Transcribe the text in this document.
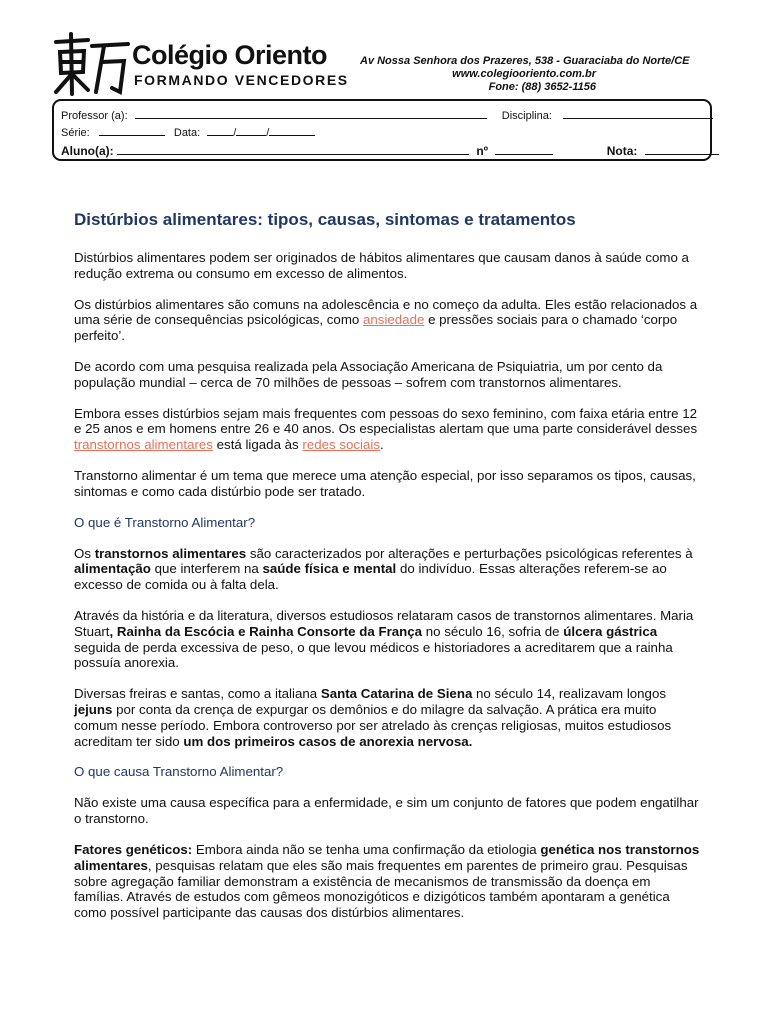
Colégio Oriento
FORMANDO VENCEDORES
Av Nossa Senhora dos Prazeres, 538 - Guaraciaba do Norte/CE
www.colegiooriento.com.br
Fone: (88) 3652-1156
Professor (a):	Disciplina:
Série:	Data:	/	/
Aluno(a):	nº	Nota:
Distúrbios alimentares: tipos, causas, sintomas e tratamentos

Distúrbios alimentares podem ser originados de hábitos alimentares que causam danos à saúde como a redução extrema ou consumo em excesso de alimentos.

Os distúrbios alimentares são comuns na adolescência e no começo da adulta. Eles estão relacionados a uma série de consequências psicológicas, como ansiedade e pressões sociais para o chamado ‘corpo perfeito’.

De acordo com uma pesquisa realizada pela Associação Americana de Psiquiatria, um por cento da população mundial – cerca de 70 milhões de pessoas – sofrem com transtornos alimentares.

Embora esses distúrbios sejam mais frequentes com pessoas do sexo feminino, com faixa etária entre 12 e 25 anos e em homens entre 26 e 40 anos. Os especialistas alertam que uma parte considerável desses transtornos alimentares está ligada às redes sociais.

Transtorno alimentar é um tema que merece uma atenção especial, por isso separamos os tipos, causas, sintomas e como cada distúrbio pode ser tratado.

O que é Transtorno Alimentar?

Os transtornos alimentares são caracterizados por alterações e perturbações psicológicas referentes à alimentação que interferem na saúde física e mental do indivíduo. Essas alterações referem-se ao excesso de comida ou à falta dela.

Através da história e da literatura, diversos estudiosos relataram casos de transtornos alimentares. Maria Stuart, Rainha da Escócia e Rainha Consorte da França no século 16, sofria de úlcera gástrica seguida de perda excessiva de peso, o que levou médicos e historiadores a acreditarem que a rainha possuía anorexia.

Diversas freiras e santas, como a italiana Santa Catarina de Siena no século 14, realizavam longos jejuns por conta da crença de expurgar os demônios e do milagre da salvação. A prática era muito comum nesse período. Embora controverso por ser atrelado às crenças religiosas, muitos estudiosos acreditam ter sido um dos primeiros casos de anorexia nervosa.

O que causa Transtorno Alimentar?

Não existe uma causa específica para a enfermidade, e sim um conjunto de fatores que podem engatilhar o transtorno.

Fatores genéticos: Embora ainda não se tenha uma confirmação da etiologia genética nos transtornos alimentares, pesquisas relatam que eles são mais frequentes em parentes de primeiro grau. Pesquisas sobre agregação familiar demonstram a existência de mecanismos de transmissão da doença em famílias. Através de estudos com gêmeos monozigóticos e dizigóticos também apontaram a genética como possível participante das causas dos distúrbios alimentares.
